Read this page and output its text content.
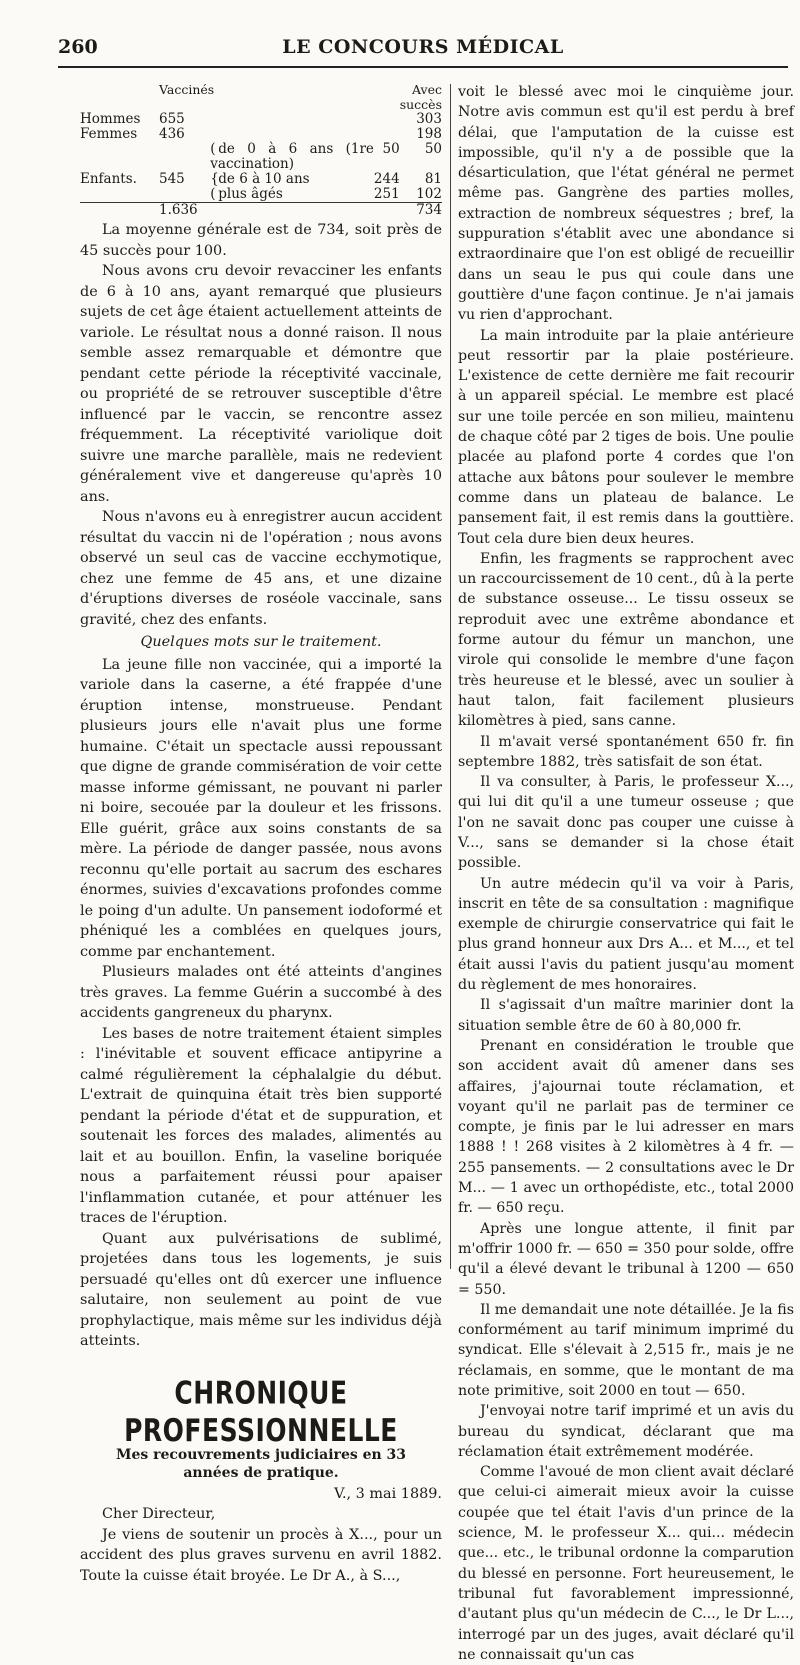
260	LE CONCOURS MÉDICAL
	Vaccinés			Avec succès
Hommes	655			303
Femmes	436			198
		( de 0 à 6 ans (1re vaccination)	50	50
Enfants.	545	{de 6 à 10 ans	244	81
		( plus âgés	251	102
	1.636			734

La moyenne générale est de 734, soit près de 45 succès pour 100.

Nous avons cru devoir revacciner les enfants de 6 à 10 ans, ayant remarqué que plusieurs sujets de cet âge étaient actuellement atteints de variole. Le résultat nous a donné raison. Il nous semble assez remarquable et démontre que pendant cette période la réceptivité vaccinale, ou propriété de se retrouver susceptible d'être influencé par le vaccin, se rencontre assez fréquemment. La réceptivité variolique doit suivre une marche parallèle, mais ne redevient généralement vive et dangereuse qu'après 10 ans.

Nous n'avons eu à enregistrer aucun accident résultat du vaccin ni de l'opération ; nous avons observé un seul cas de vaccine ecchymotique, chez une femme de 45 ans, et une dizaine d'éruptions diverses de roséole vaccinale, sans gravité, chez des enfants.

Quelques mots sur le traitement.

La jeune fille non vaccinée, qui a importé la variole dans la caserne, a été frappée d'une éruption intense, monstrueuse. Pendant plusieurs jours elle n'avait plus une forme humaine. C'était un spectacle aussi repoussant que digne de grande commisération de voir cette masse informe gémissant, ne pouvant ni parler ni boire, secouée par la douleur et les frissons. Elle guérit, grâce aux soins constants de sa mère. La période de danger passée, nous avons reconnu qu'elle portait au sacrum des eschares énormes, suivies d'excavations profondes comme le poing d'un adulte. Un pansement iodoformé et phéniqué les a comblées en quelques jours, comme par enchantement.

Plusieurs malades ont été atteints d'angines très graves. La femme Guérin a succombé à des accidents gangreneux du pharynx.

Les bases de notre traitement étaient simples : l'inévitable et souvent efficace antipyrine a calmé régulièrement la céphalalgie du début. L'extrait de quinquina était très bien supporté pendant la période d'état et de suppuration, et soutenait les forces des malades, alimentés au lait et au bouillon. Enfin, la vaseline boriquée nous a parfaitement réussi pour apaiser l'inflammation cutanée, et pour atténuer les traces de l'éruption.

Quant aux pulvérisations de sublimé, projetées dans tous les logements, je suis persuadé qu'elles ont dû exercer une influence salutaire, non seulement au point de vue prophylactique, mais même sur les individus déjà atteints.

CHRONIQUE PROFESSIONNELLE
Mes recouvrements judiciaires en 33 années de pratique.

V., 3 mai 1889.

Cher Directeur,

Je viens de soutenir un procès à X..., pour un accident des plus graves survenu en avril 1882. Toute la cuisse était broyée. Le Dr A., à S...,

voit le blessé avec moi le cinquième jour. Notre avis commun est qu'il est perdu à bref délai, que l'amputation de la cuisse est impossible, qu'il n'y a de possible que la désarticulation, que l'état général ne permet même pas. Gangrène des parties molles, extraction de nombreux séquestres ; bref, la suppuration s'établit avec une abondance si extraordinaire que l'on est obligé de recueillir dans un seau le pus qui coule dans une gouttière d'une façon continue. Je n'ai jamais vu rien d'approchant.

La main introduite par la plaie antérieure peut ressortir par la plaie postérieure. L'existence de cette dernière me fait recourir à un appareil spécial. Le membre est placé sur une toile percée en son milieu, maintenu de chaque côté par 2 tiges de bois. Une poulie placée au plafond porte 4 cordes que l'on attache aux bâtons pour soulever le membre comme dans un plateau de balance. Le pansement fait, il est remis dans la gouttière. Tout cela dure bien deux heures.

Enfin, les fragments se rapprochent avec un raccourcissement de 10 cent., dû à la perte de substance osseuse... Le tissu osseux se reproduit avec une extrême abondance et forme autour du fémur un manchon, une virole qui consolide le membre d'une façon très heureuse et le blessé, avec un soulier à haut talon, fait facilement plusieurs kilomètres à pied, sans canne.

Il m'avait versé spontanément 650 fr. fin septembre 1882, très satisfait de son état.

Il va consulter, à Paris, le professeur X..., qui lui dit qu'il a une tumeur osseuse ; que l'on ne savait donc pas couper une cuisse à V..., sans se demander si la chose était possible.

Un autre médecin qu'il va voir à Paris, inscrit en tête de sa consultation : magnifique exemple de chirurgie conservatrice qui fait le plus grand honneur aux Drs A... et M..., et tel était aussi l'avis du patient jusqu'au moment du règlement de mes honoraires.

Il s'agissait d'un maître marinier dont la situation semble être de 60 à 80,000 fr.

Prenant en considération le trouble que son accident avait dû amener dans ses affaires, j'ajournai toute réclamation, et voyant qu'il ne parlait pas de terminer ce compte, je finis par le lui adresser en mars 1888 ! ! 268 visites à 2 kilomètres à 4 fr. — 255 pansements. — 2 consultations avec le Dr M... — 1 avec un orthopédiste, etc., total 2000 fr. — 650 reçu.

Après une longue attente, il finit par m'offrir 1000 fr. — 650 = 350 pour solde, offre qu'il a élevé devant le tribunal à 1200 — 650 = 550.

Il me demandait une note détaillée. Je la fis conformément au tarif minimum imprimé du syndicat. Elle s'élevait à 2,515 fr., mais je ne réclamais, en somme, que le montant de ma note primitive, soit 2000 en tout — 650.

J'envoyai notre tarif imprimé et un avis du bureau du syndicat, déclarant que ma réclamation était extrêmement modérée.

Comme l'avoué de mon client avait déclaré que celui-ci aimerait mieux avoir la cuisse coupée que tel était l'avis d'un prince de la science, M. le professeur X... qui... médecin que... etc., le tribunal ordonne la comparution du blessé en personne. Fort heureusement, le tribunal fut favorablement impressionné, d'autant plus qu'un médecin de C..., le Dr L..., interrogé par un des juges, avait déclaré qu'il ne connaissait qu'un cas
